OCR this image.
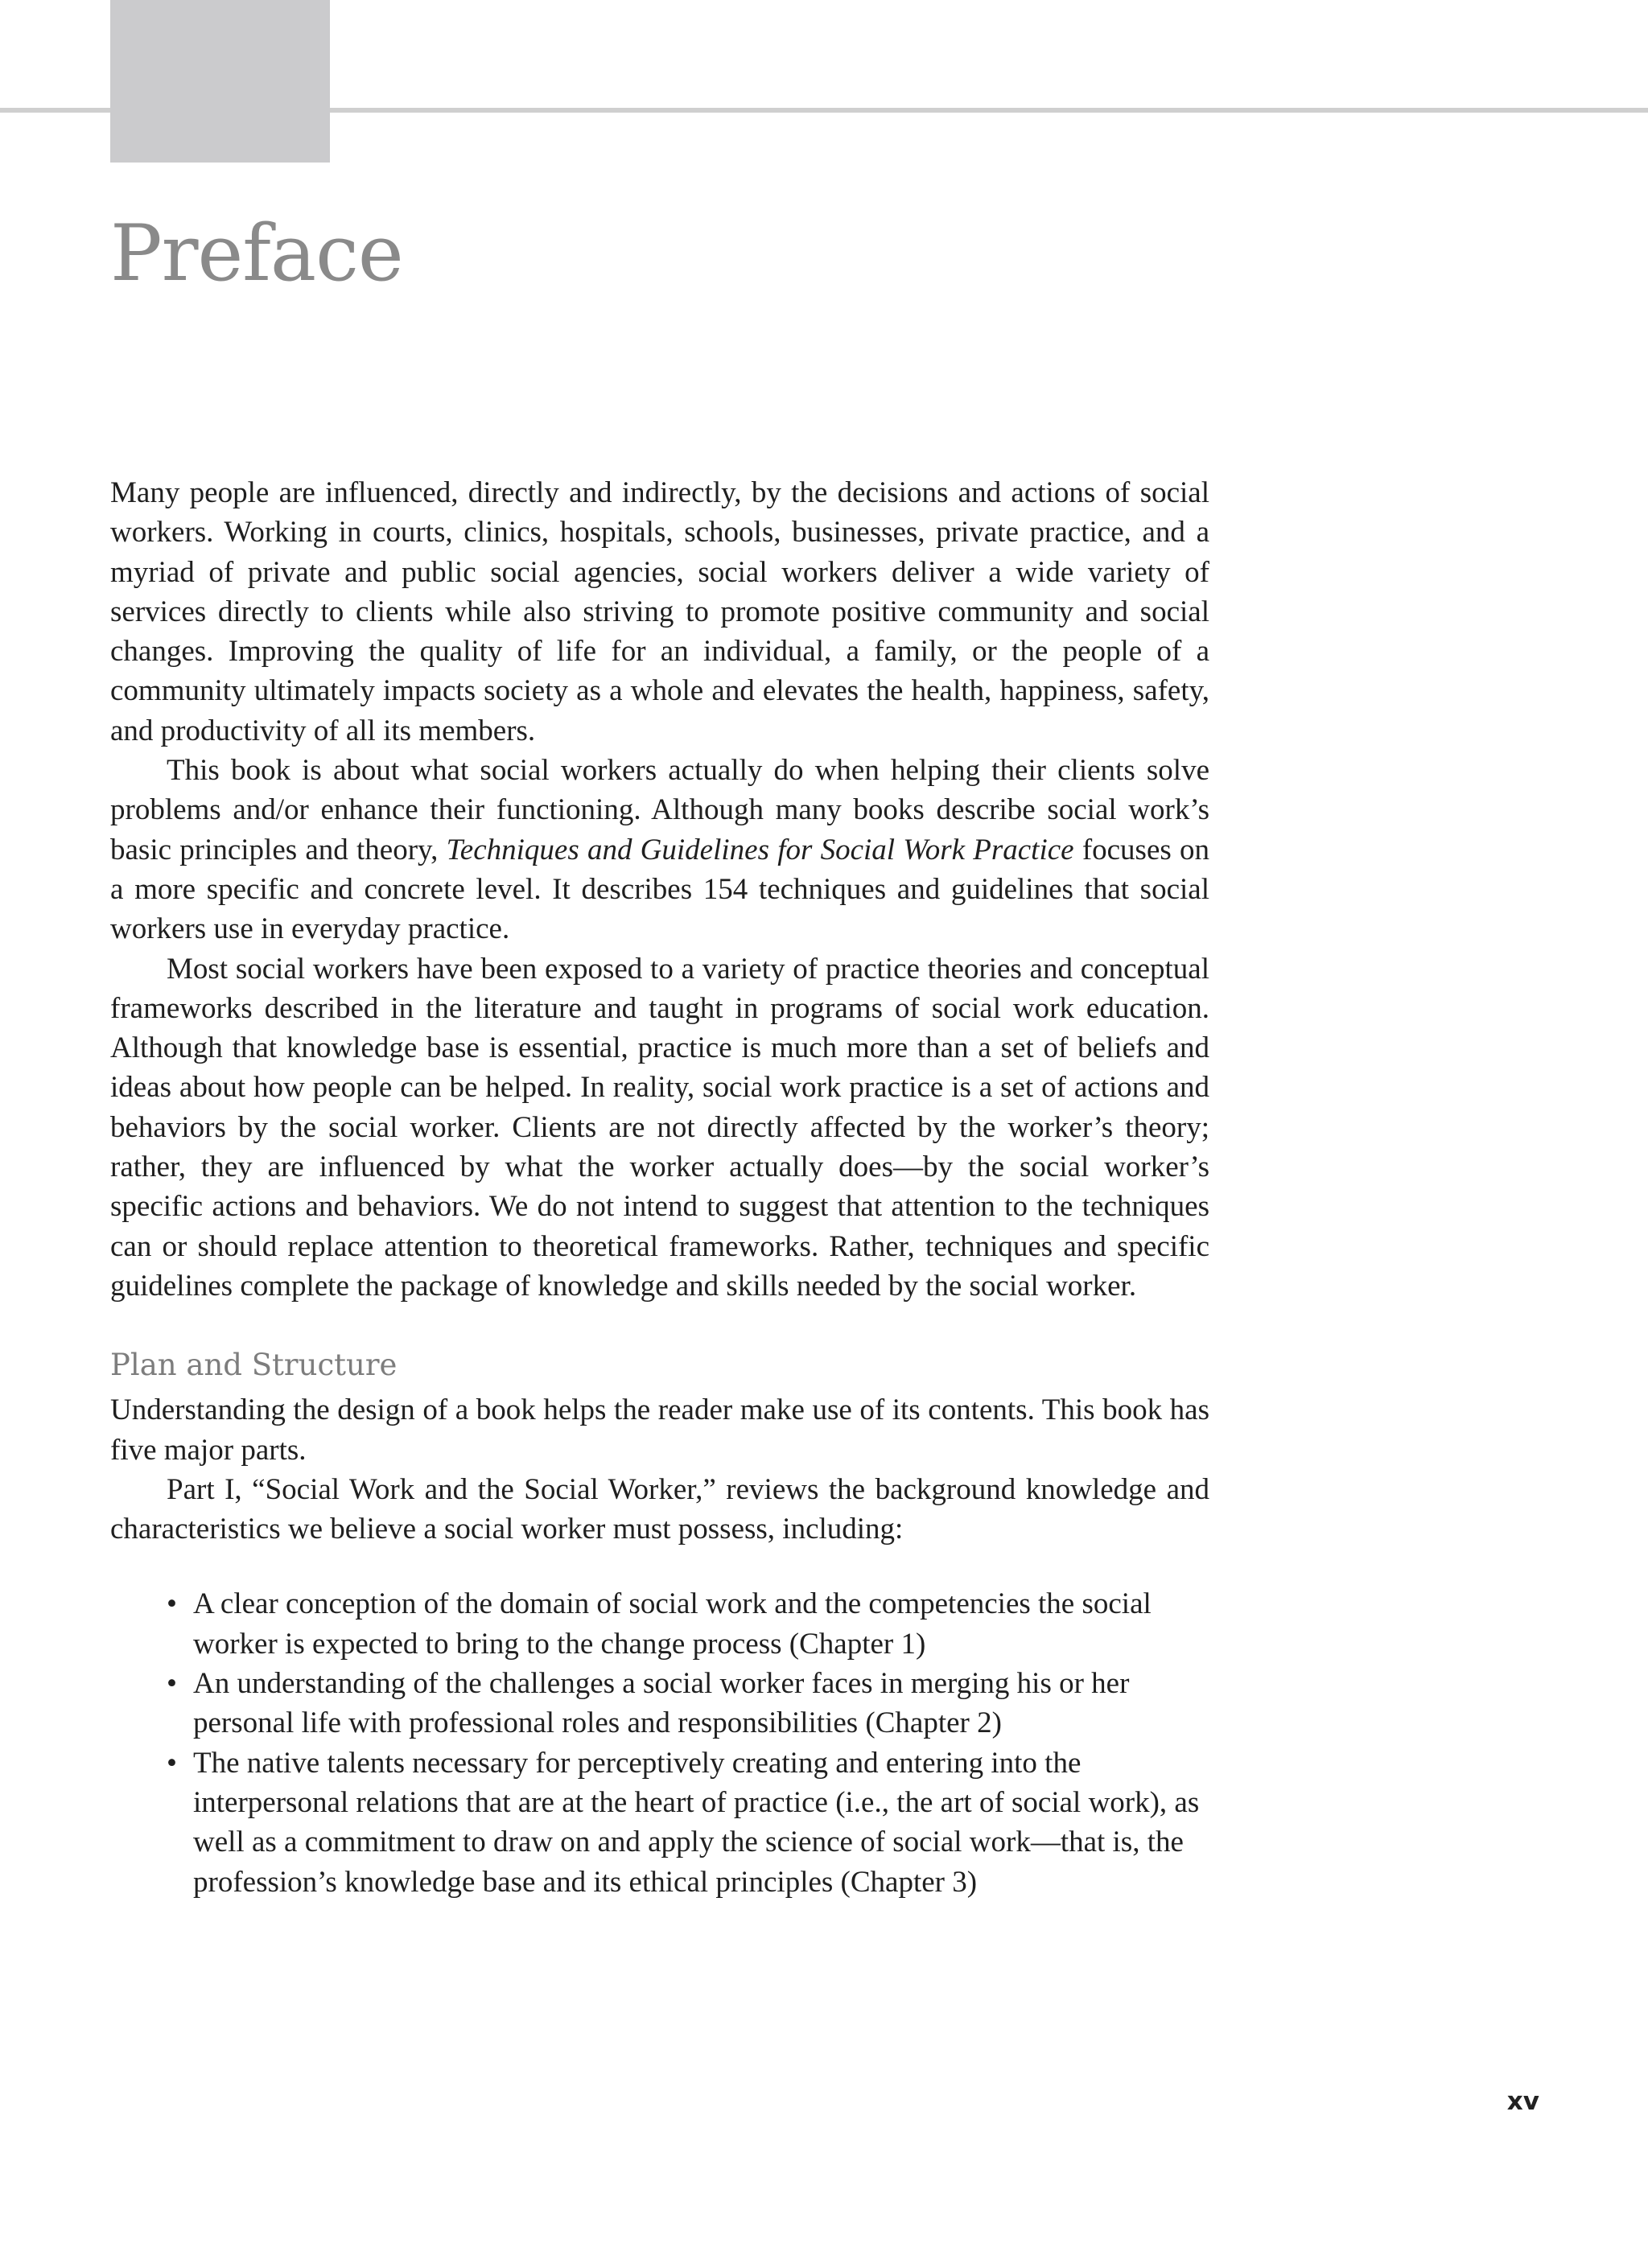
Preface

Many people are influenced, directly and indirectly, by the decisions and actions of social workers. Working in courts, clinics, hospitals, schools, businesses, private practice, and a myriad of private and public social agencies, social workers deliver a wide variety of services directly to clients while also striving to promote positive community and social changes. Improving the quality of life for an individual, a family, or the people of a community ultimately impacts society as a whole and elevates the health, happiness, safety, and productivity of all its members.

This book is about what social workers actually do when helping their clients solve problems and/or enhance their functioning. Although many books describe social work’s basic principles and theory, Techniques and Guidelines for Social Work Practice focuses on a more specific and concrete level. It describes 154 techniques and guidelines that social workers use in everyday practice.

Most social workers have been exposed to a variety of practice theories and conceptual frameworks described in the literature and taught in programs of social work education. Although that knowledge base is essential, practice is much more than a set of beliefs and ideas about how people can be helped. In reality, social work practice is a set of actions and behaviors by the social worker. Clients are not directly affected by the worker’s theory; rather, they are influenced by what the worker actually does—by the social worker’s specific actions and behaviors. We do not intend to suggest that attention to the techniques can or should replace attention to theoretical frameworks. Rather, techniques and specific guidelines complete the package of knowledge and skills needed by the social worker.

Plan and Structure

Understanding the design of a book helps the reader make use of its contents. This book has five major parts.

Part I, “Social Work and the Social Worker,” reviews the background knowledge and characteristics we believe a social worker must possess, including:

• A clear conception of the domain of social work and the competencies the social worker is expected to bring to the change process (Chapter 1)
• An understanding of the challenges a social worker faces in merging his or her personal life with professional roles and responsibilities (Chapter 2)
• The native talents necessary for perceptively creating and entering into the interpersonal relations that are at the heart of practice (i.e., the art of social work), as well as a commitment to draw on and apply the science of social work—that is, the profession’s knowledge base and its ethical principles (Chapter 3)
xv
